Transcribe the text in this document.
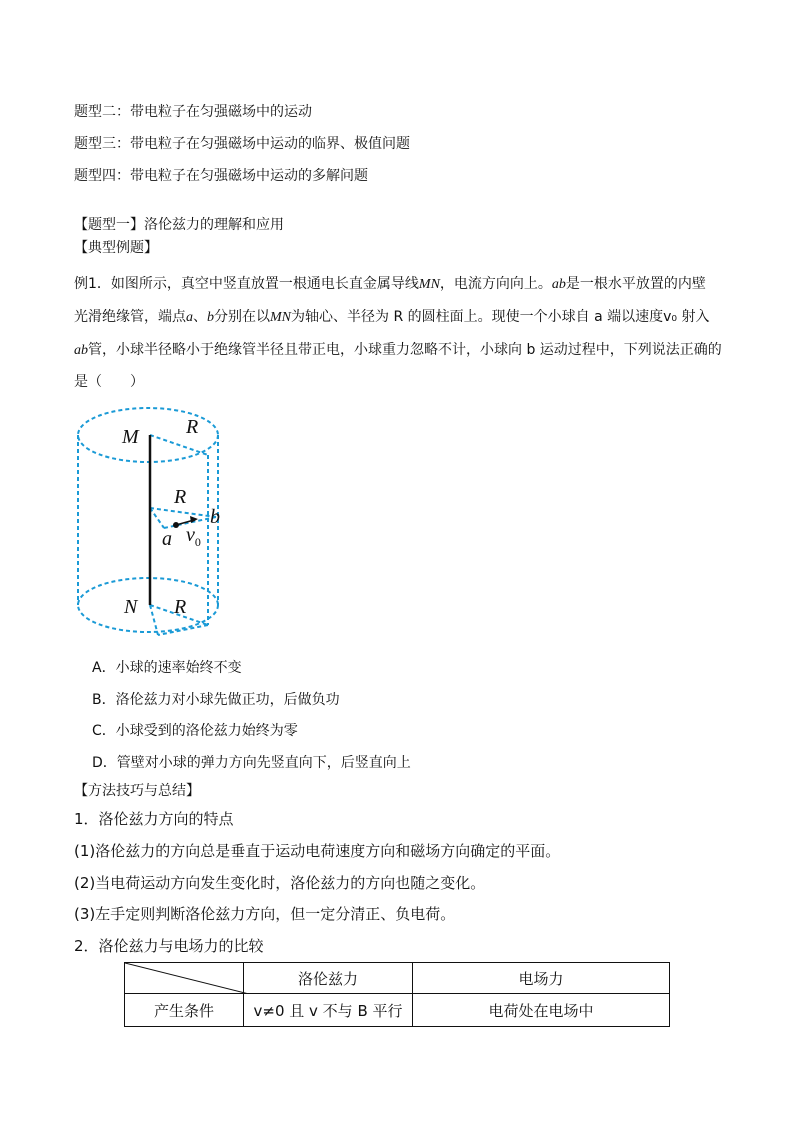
题型二：带电粒子在匀强磁场中的运动
题型三：带电粒子在匀强磁场中运动的临界、极值问题
题型四：带电粒子在匀强磁场中运动的多解问题
【题型一】洛伦兹力的理解和应用
【典型例题】
例1．如图所示，真空中竖直放置一根通电长直金属导线MN，电流方向向上。ab是一根水平放置的内壁
光滑绝缘管，端点a、b分别在以MN为轴心、半径为 R 的圆柱面上。现使一个小球自 a 端以速度v₀ 射入
ab管，小球半径略小于绝缘管半径且带正电，小球重力忽略不计，小球向 b 运动过程中，下列说法正确的
是（　　）
M R
R
b
a $v_0$
N R
A．小球的速率始终不变
B．洛伦兹力对小球先做正功，后做负功
C．小球受到的洛伦兹力始终为零
D．管壁对小球的弹力方向先竖直向下，后竖直向上
【方法技巧与总结】
1．洛伦兹力方向的特点
(1)洛伦兹力的方向总是垂直于运动电荷速度方向和磁场方向确定的平面。
(2)当电荷运动方向发生变化时，洛伦兹力的方向也随之变化。
(3)左手定则判断洛伦兹力方向，但一定分清正、负电荷。
2．洛伦兹力与电场力的比较
	洛伦兹力	电场力
产生条件	v≠0 且 v 不与 B 平行	电荷处在电场中
